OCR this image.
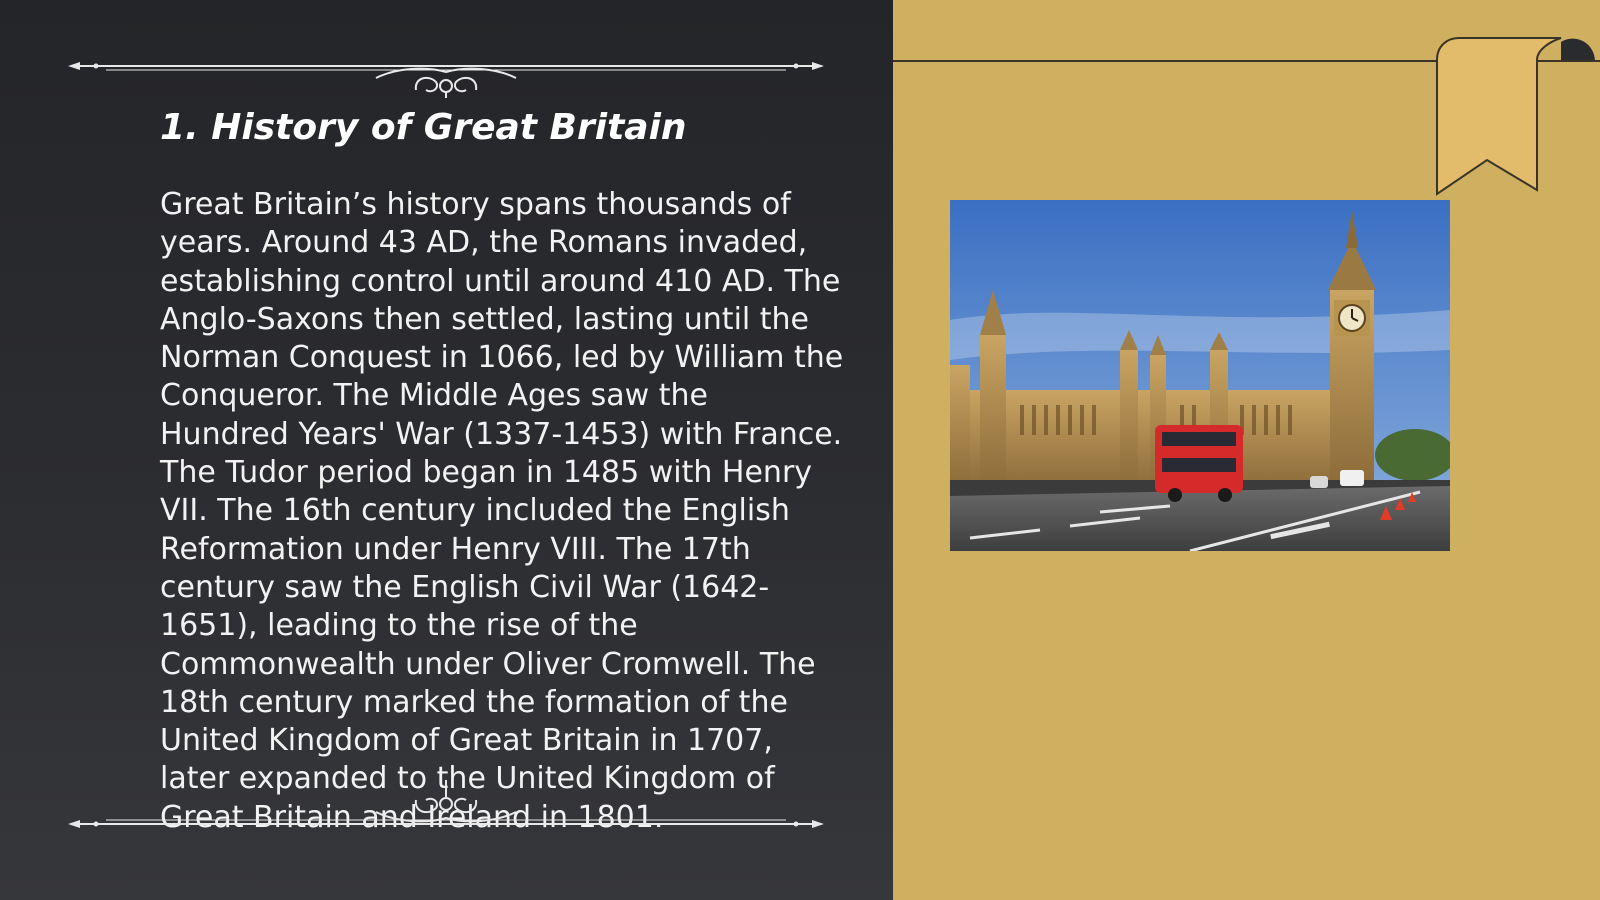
1. History of Great Britain

Great Britain’s history spans thousands of years. Around 43 AD, the Romans invaded, establishing control until around 410 AD. The Anglo-Saxons then settled, lasting until the Norman Conquest in 1066, led by William the Conqueror. The Middle Ages saw the Hundred Years' War (1337-1453) with France. The Tudor period began in 1485 with Henry VII. The 16th century included the English Reformation under Henry VIII. The 17th century saw the English Civil War (1642-1651), leading to the rise of the Commonwealth under Oliver Cromwell. The 18th century marked the formation of the United Kingdom of Great Britain in 1707, later expanded to the United Kingdom of Great Britain and Ireland in 1801.
